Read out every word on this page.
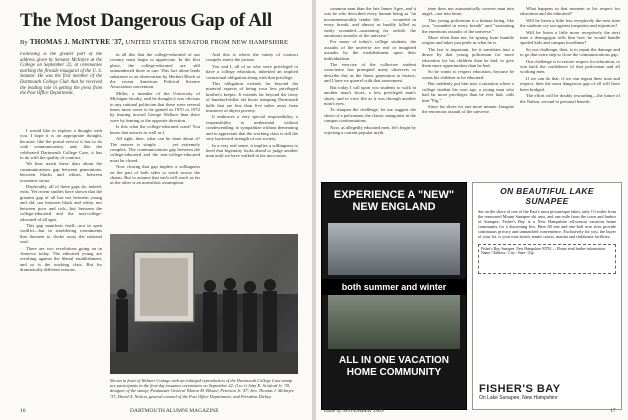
The Most Dangerous Gap of All
By THOMAS J. McINTYRE '37, UNITED STATES SENATOR FROM NEW HAMPSHIRE
Following is the greater part of the address given by Senator McIntyre at the College on September 22, at ceremonies marking the fireside inaugural of the U. S. Senator. He was the first member of the Dartmouth College Club that he received the leading role in getting the press from the Post Office Department.

I would like to explore a thought with you. I hope it is an appropriate thought, because, like the postal service it has to do with communication, and, like the celebrated Dartmouth College Case, it has to do with the quality of contract.

We hear much these days about the communications gap between generations, between blacks and whites, between economic strata.

Deplorably, all of these gaps do, indeed, exist. Yet recent studies have shown that the greatest gap of all has not between young and old, nor between black and white, nor between poor and rich—but between the college-educated and the non-college-educated of all ages.

This gap manifests itself—not in open conflict—but in smoldering resentments that threaten to choke away the national soul.

There are two revolutions going on in America today. The educated young are revolting against the liberal establishment, and so is the working class. But for dramatically different reasons.

in all this that the college-educated of our country must begin to appreciate. In the first place, the college-educated are still outnumbered three to one. This fact alone lends substance to an observation by Herbert Block at the recent American Political Science Association convention.

Miller, a member of the University of Michigan faculty, said he thought it was obvious to any rational politician that there were several times more votes to be gained in 1970 or 1972 by leaning toward George Wallace than there were by leaning to the opposite direction.

Is this what the college-educated want? You know that answer as well as I.

All right, then, what can be done about it? The answer is simple . . . yet extremely complex. The communications gap between the college-educated and the non-college-educated must be closed.

Now closing that gap implies a willingness on the part of both sides to reach across the chasm. But to assume that each will reach as far as the other is an unrealistic assumption.

And this is where the vanity of contract compels enters the picture.

You and I, all of us who were privileged to have a college education, inherited an implied contractual obligation along with that privilege.

This obligation extends far beyond the material aspects of being your less privileged brother's keeper. It extends far beyond the irony of hundred-dollar ski boots tramping Dartmouth halls that are less than five miles away from instances of abject poverty.

It embraces a very special responsibility, a responsibility to understand without condescending, to sympathize without demeaning and to appreciate that the working class is still the very backward strength of our society.

In a very real sense, it implies a willingness to heed that Ingenuity looks ahead to judge another man until we have walked in his moccasins.

Shown in front of Webster Cottage with an enlarged reproduction of the Dartmouth College Case stamp are participants in the first-day issuance ceremonies on September 22: (l to r) John K. Scotford Jr. '39, designer of the stamp; Postmaster General Winton M. Blount; Peterson Jr. '47; Sen. Thomas J. McIntyre '37; David A. Nelson, general counsel of the Post Office Department; and President Dickey.
16	DARTMOUTH ALUMNI MAGAZINE

common man than the late James Agee, and it was he who described every human being as "an incommensurably tender life . . . wounded in every breath, and almost as hardily killed as easily wounded—sustaining for awhile, the enormous assaults of the universe."

For many of today's college students, the assaults of the universe are real or imagined assaults by the establishment upon their individualism.

The exercise of the collective student conscience has prompted many observers to describe this as the finest generation in history, and I have no quarrel with that assessment.

But today I call upon you students to walk in another man's shoes, a less privileged man's shoes, and to view life as it was through another man's eyes.

To sharpen the challenge, let me suggest the shoes of a policeman, the classic antagonist in the campus confrontations.

Now, as allegedly educated men, let's begin by rejecting a current popular myth.

time does nor automatically convert man into angel—nor into beast.

This young policeman is a human being, like you, "wounded in every breath" and "sustaining the enormous assaults of the universe."

More often than not, he sprang from humble origins and takes just pride in what he is.

The last is important, for it translates into a desire by that young policeman for more education for his children than he had, to give them more opportunities than he had.

So he wants to respect education, because he wants his children to be educated.

But suddenly put him into a situation where a college student his own age, a young man who had far more privileges than he ever had, calls him "Pig."

Since his shoes for one more minute. Imagine the enormous assault of the universe.

What happens in that moment to his respect for education and the educated?

Will he listen a little less receptively the next time the students cry out against inequities and injustices?

Will he listen a little more receptively the next time a demagogue tells him how he would handle spoiled kids and campus hoodlums?

So our challenge, then, is to repair the damage and to go that extra step to close the communications gap.

Our challenge is to restore respect for education, to win back the confidence of that policeman and all working men.

If we can do that, if we can regain their trust and respect, then the most dangerous gap of all will have been bridged.

The effort will be doubly rewarding—the future of the Nation, second to personal benefit.

EXPERIENCE A "NEW" NEW ENGLAND
both summer and winter
ALL IN ONE VACATION HOME COMMUNITY
ON BEAUTIFUL LAKE SUNAPEE
Set on the shore of one of the East's most picturesque lakes, only 1½ miles from the renowned Mount Sunapee ski area, and one mile from the town and harbor of Sunapee, Fisher's Bay is a New Hampshire all-season vacation home community for a discerning few. Here 60 one and one-half acre sites provide continuous privacy and unmatched convenience. Exclusively for you, the buyer of your lot, is your own beach, tennis courts, marina and clubhouse facilities.
Fisher's Bay, Sunapee, New Hampshire 03782 — Please send further information. Name / Address / City / State / Zip
FISHER'S BAY
On Lake Sunapee, New Hampshire
Issue of NOVEMBER 1969	17
